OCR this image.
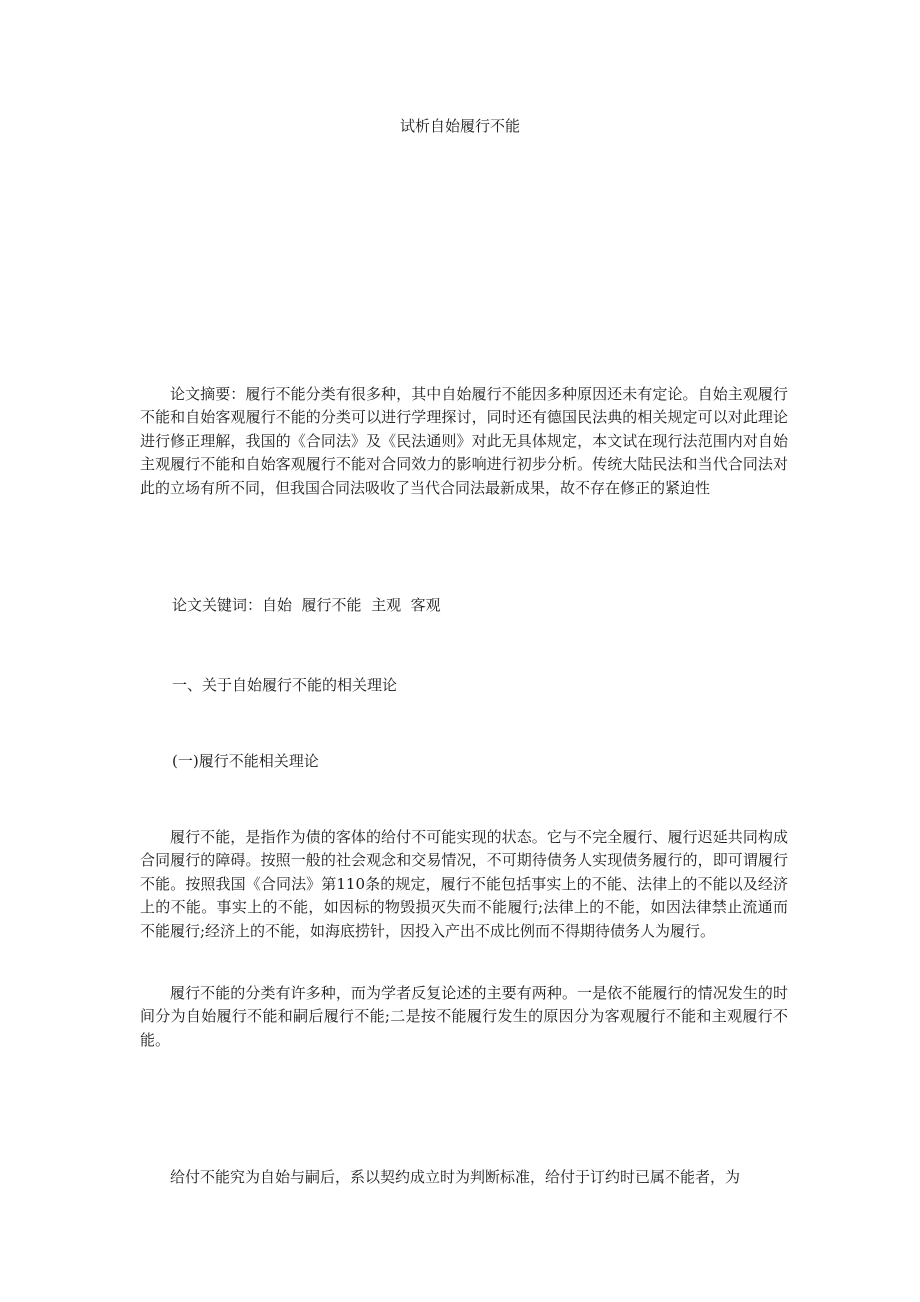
试析自始履行不能

论文摘要：履行不能分类有很多种，其中自始履行不能因多种原因还未有定论。自始主观履行不能和自始客观履行不能的分类可以进行学理探讨，同时还有德国民法典的相关规定可以对此理论进行修正理解，我国的《合同法》及《民法通则》对此无具体规定，本文试在现行法范围内对自始主观履行不能和自始客观履行不能对合同效力的影响进行初步分析。传统大陆民法和当代合同法对此的立场有所不同，但我国合同法吸收了当代合同法最新成果，故不存在修正的紧迫性

论文关键词：自始  履行不能  主观  客观

一、关于自始履行不能的相关理论

(一)履行不能相关理论

履行不能，是指作为债的客体的给付不可能实现的状态。它与不完全履行、履行迟延共同构成合同履行的障碍。按照一般的社会观念和交易情况，不可期待债务人实现债务履行的，即可谓履行不能。按照我国《合同法》第110条的规定，履行不能包括事实上的不能、法律上的不能以及经济上的不能。事实上的不能，如因标的物毁损灭失而不能履行;法律上的不能，如因法律禁止流通而不能履行;经济上的不能，如海底捞针，因投入产出不成比例而不得期待债务人为履行。

履行不能的分类有许多种，而为学者反复论述的主要有两种。一是依不能履行的情况发生的时间分为自始履行不能和嗣后履行不能;二是按不能履行发生的原因分为客观履行不能和主观履行不能。

给付不能究为自始与嗣后，系以契约成立时为判断标准，给付于订约时已属不能者，为
